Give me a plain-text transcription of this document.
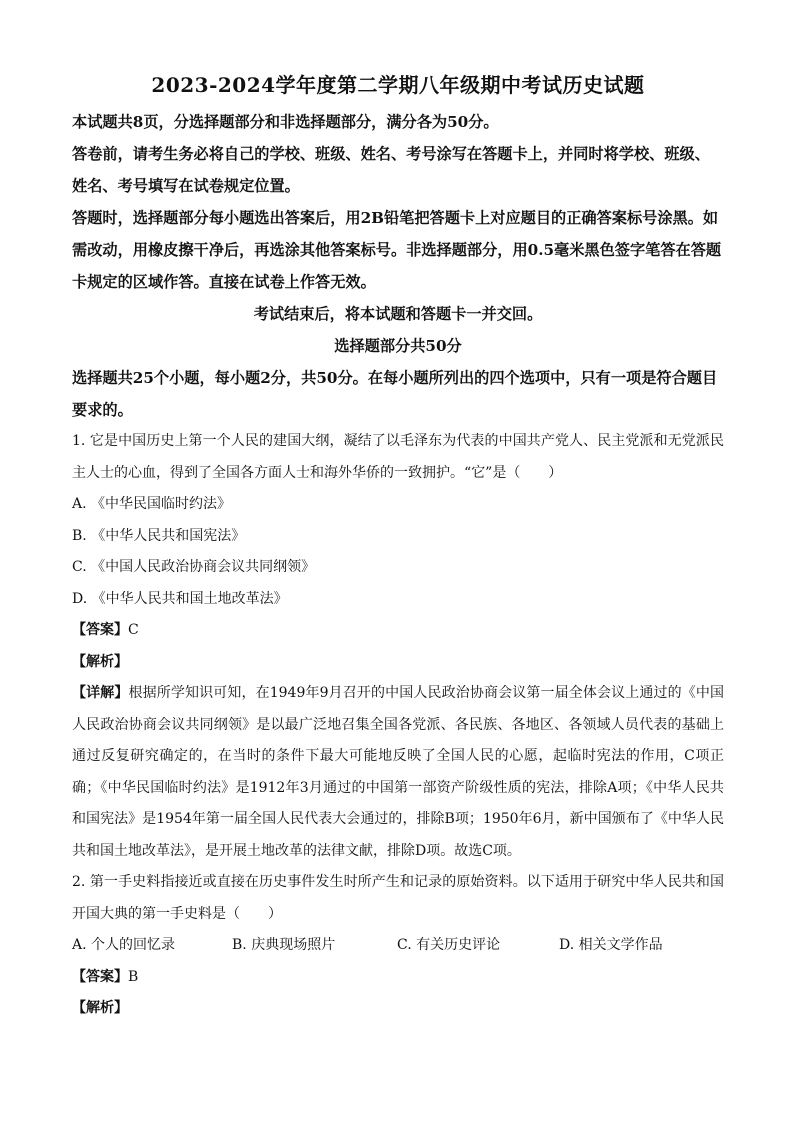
2023-2024学年度第二学期八年级期中考试历史试题

本试题共8页，分选择题部分和非选择题部分，满分各为50分。

答卷前，请考生务必将自己的学校、班级、姓名、考号涂写在答题卡上，并同时将学校、班级、姓名、考号填写在试卷规定位置。

答题时，选择题部分每小题选出答案后，用2B铅笔把答题卡上对应题目的正确答案标号涂黑。如需改动，用橡皮擦干净后，再选涂其他答案标号。非选择题部分，用0.5毫米黑色签字笔答在答题卡规定的区域作答。直接在试卷上作答无效。

考试结束后，将本试题和答题卡一并交回。

选择题部分共50分

选择题共25个小题，每小题2分，共50分。在每小题所列出的四个选项中，只有一项是符合题目要求的。

1. 它是中国历史上第一个人民的建国大纲，凝结了以毛泽东为代表的中国共产党人、民主党派和无党派民主人士的心血，得到了全国各方面人士和海外华侨的一致拥护。“它”是（　　）

A. 《中华民国临时约法》

B. 《中华人民共和国宪法》

C. 《中国人民政治协商会议共同纲领》

D. 《中华人民共和国土地改革法》

【答案】C

【解析】

【详解】根据所学知识可知，在1949年9月召开的中国人民政治协商会议第一届全体会议上通过的《中国人民政治协商会议共同纲领》是以最广泛地召集全国各党派、各民族、各地区、各领域人员代表的基础上通过反复研究确定的，在当时的条件下最大可能地反映了全国人民的心愿，起临时宪法的作用，C项正确；《中华民国临时约法》是1912年3月通过的中国第一部资产阶级性质的宪法，排除A项；《中华人民共和国宪法》是1954年第一届全国人民代表大会通过的，排除B项；1950年6月，新中国颁布了《中华人民共和国土地改革法》，是开展土地改革的法律文献，排除D项。故选C项。

2. 第一手史料指接近或直接在历史事件发生时所产生和记录的原始资料。以下适用于研究中华人民共和国开国大典的第一手史料是（　　）

A. 个人的回忆录	B. 庆典现场照片	C. 有关历史评论	D. 相关文学作品

【答案】B

【解析】
